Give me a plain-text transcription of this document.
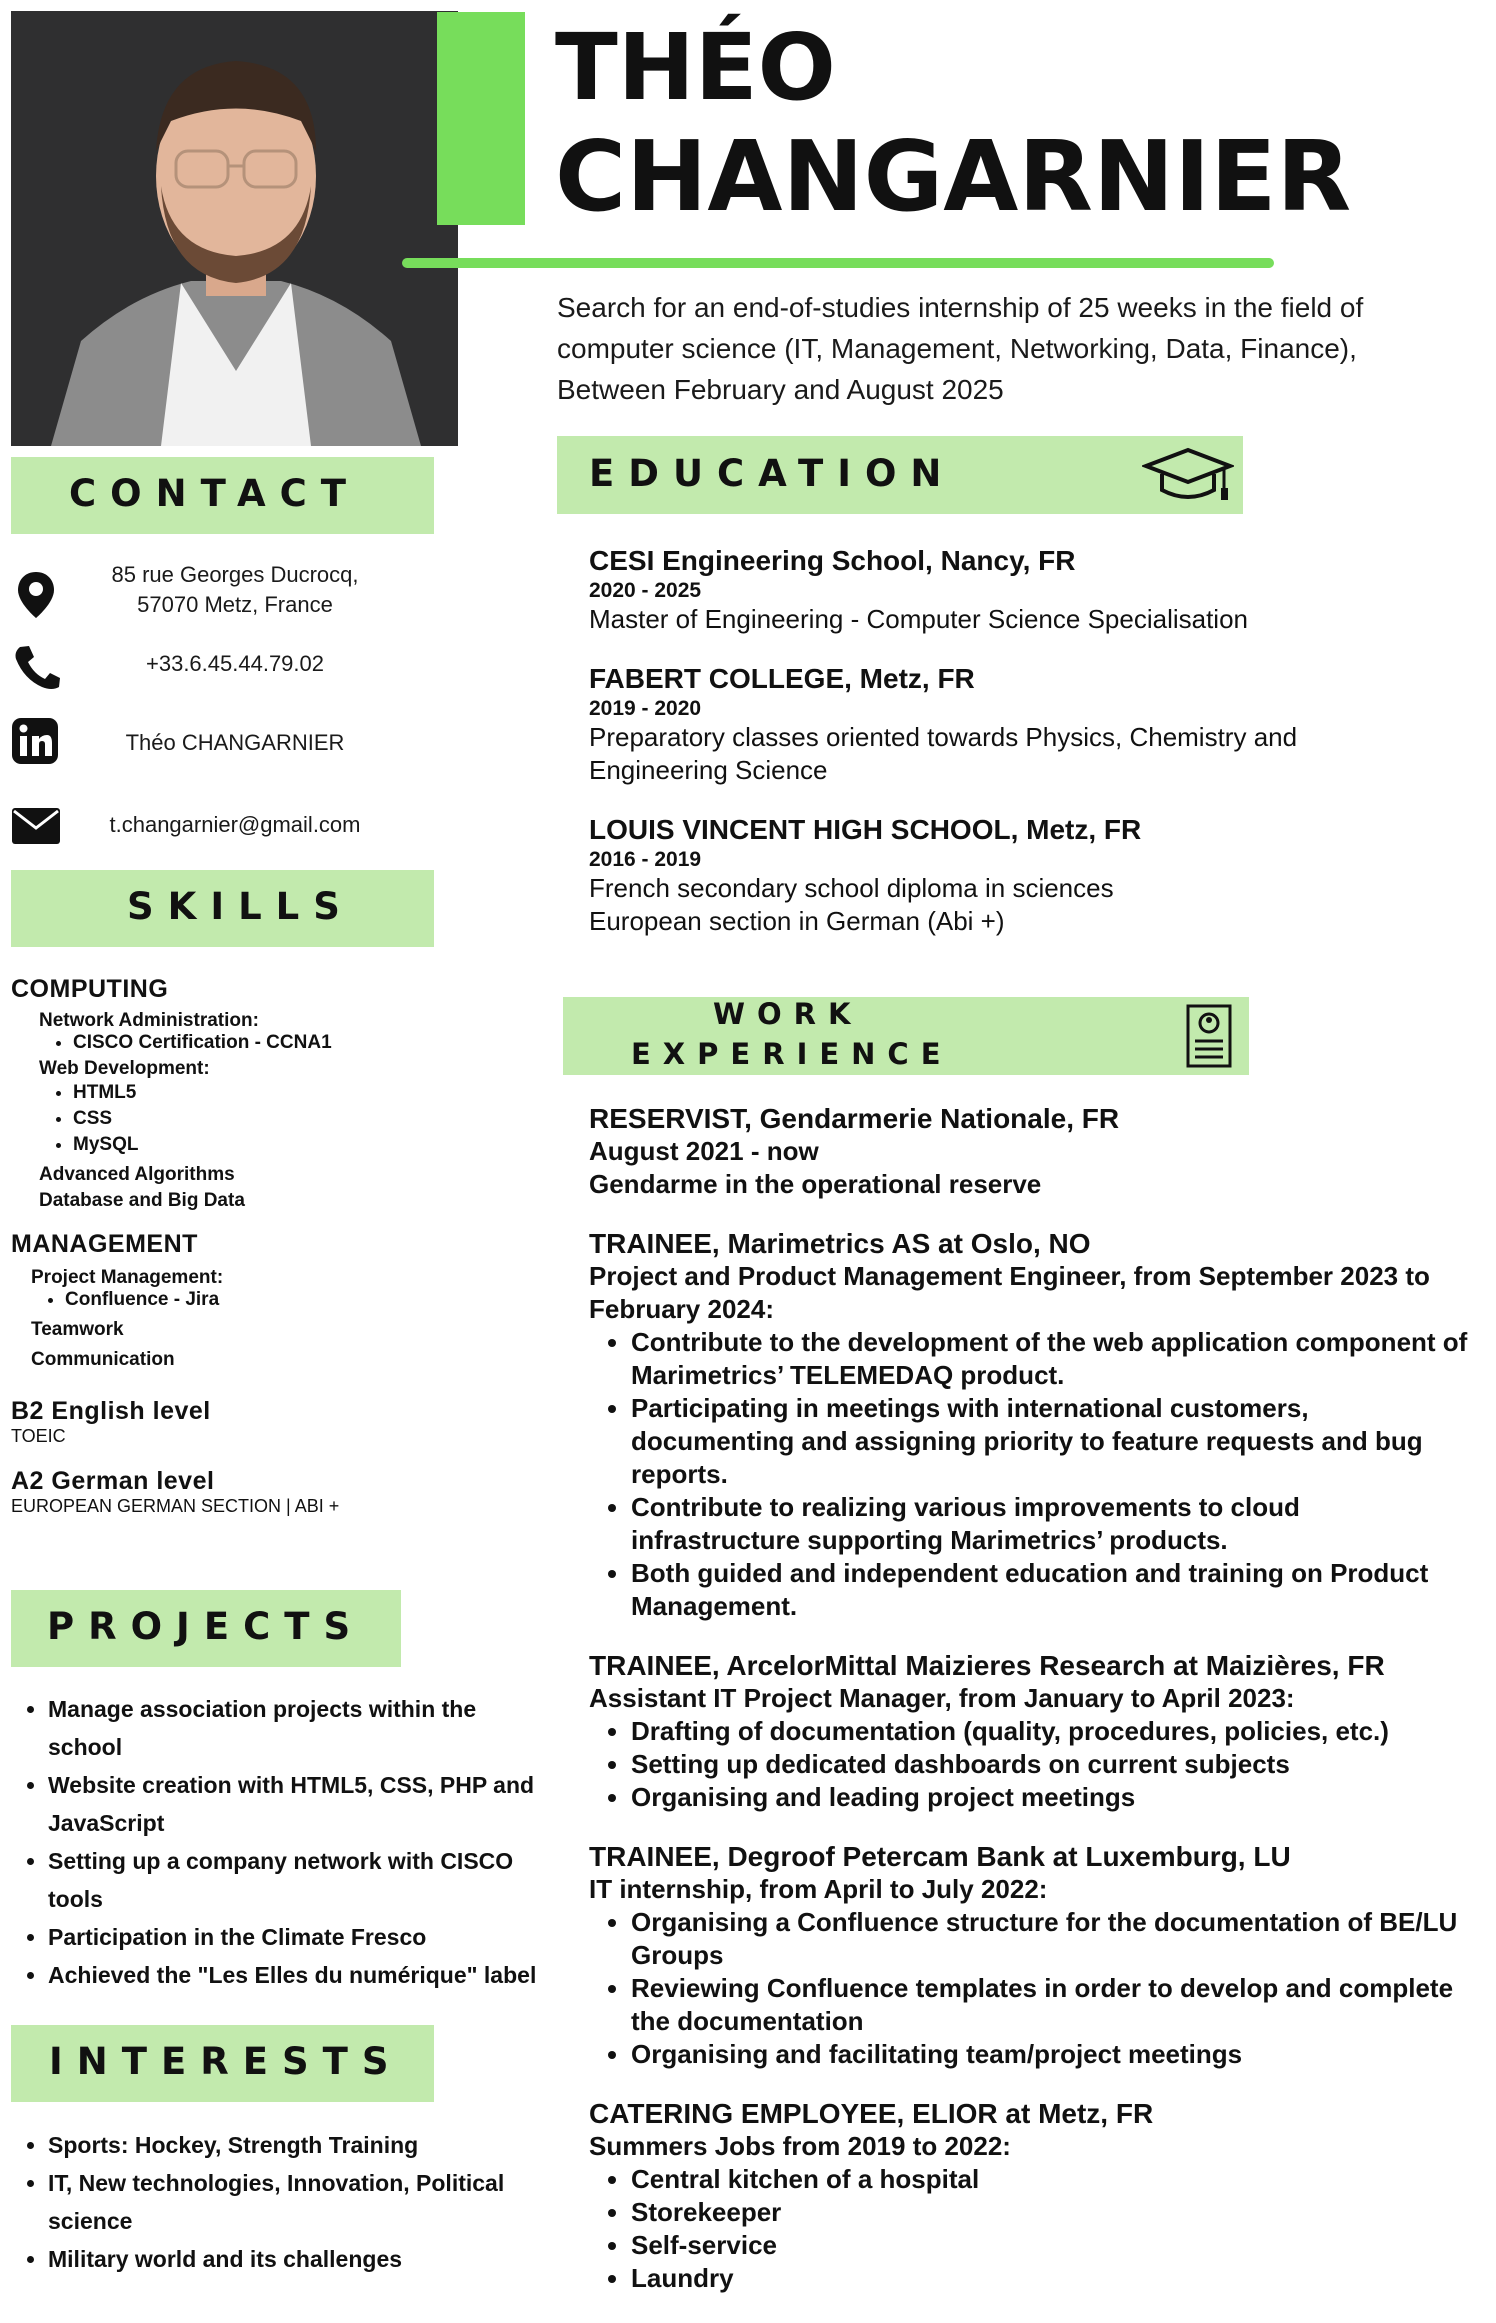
THÉO
CHANGARNIER
Search for an end-of-studies internship of 25 weeks in the field of
computer science (IT, Management, Networking, Data, Finance),
Between February and August 2025
CONTACT
85 rue Georges Ducrocq,
57070 Metz, France
+33.6.45.44.79.02
Théo CHANGARNIER
t.changarnier@gmail.com
SKILLS
COMPUTING
Network Administration:
• CISCO Certification - CCNA1
Web Development:
• HTML5
• CSS
• MySQL
Advanced Algorithms
Database and Big Data
MANAGEMENT
Project Management:
• Confluence - Jira
Teamwork
Communication
B2 English level
TOEIC
A2 German level
EUROPEAN GERMAN SECTION | ABI +
PROJECTS
• Manage association projects within the school
• Website creation with HTML5, CSS, PHP and JavaScript
• Setting up a company network with CISCO tools
• Participation in the Climate Fresco
• Achieved the "Les Elles du numérique" label
INTERESTS
• Sports: Hockey, Strength Training
• IT, New technologies, Innovation, Political science
• Military world and its challenges
EDUCATION
CESI Engineering School, Nancy, FR
2020 - 2025
Master of Engineering - Computer Science Specialisation
FABERT COLLEGE, Metz, FR
2019 - 2020
Preparatory classes oriented towards Physics, Chemistry and
Engineering Science
LOUIS VINCENT HIGH SCHOOL, Metz, FR
2016 - 2019
French secondary school diploma in sciences
European section in German (Abi +)
WORK
EXPERIENCE
RESERVIST, Gendarmerie Nationale, FR
August 2021 - now
Gendarme in the operational reserve
TRAINEE, Marimetrics AS at Oslo, NO
Project and Product Management Engineer, from September 2023 to
February 2024:
• Contribute to the development of the web application component of Marimetrics’ TELEMEDAQ product.
• Participating in meetings with international customers, documenting and assigning priority to feature requests and bug reports.
• Contribute to realizing various improvements to cloud infrastructure supporting Marimetrics’ products.
• Both guided and independent education and training on Product Management.
TRAINEE, ArcelorMittal Maizieres Research at Maizières, FR
Assistant IT Project Manager, from January to April 2023:
• Drafting of documentation (quality, procedures, policies, etc.)
• Setting up dedicated dashboards on current subjects
• Organising and leading project meetings
TRAINEE, Degroof Petercam Bank at Luxemburg, LU
IT internship, from April to July 2022:
• Organising a Confluence structure for the documentation of BE/LU Groups
• Reviewing Confluence templates in order to develop and complete the documentation
• Organising and facilitating team/project meetings
CATERING EMPLOYEE, ELIOR at Metz, FR
Summers Jobs from 2019 to 2022:
• Central kitchen of a hospital
• Storekeeper
• Self-service
• Laundry
